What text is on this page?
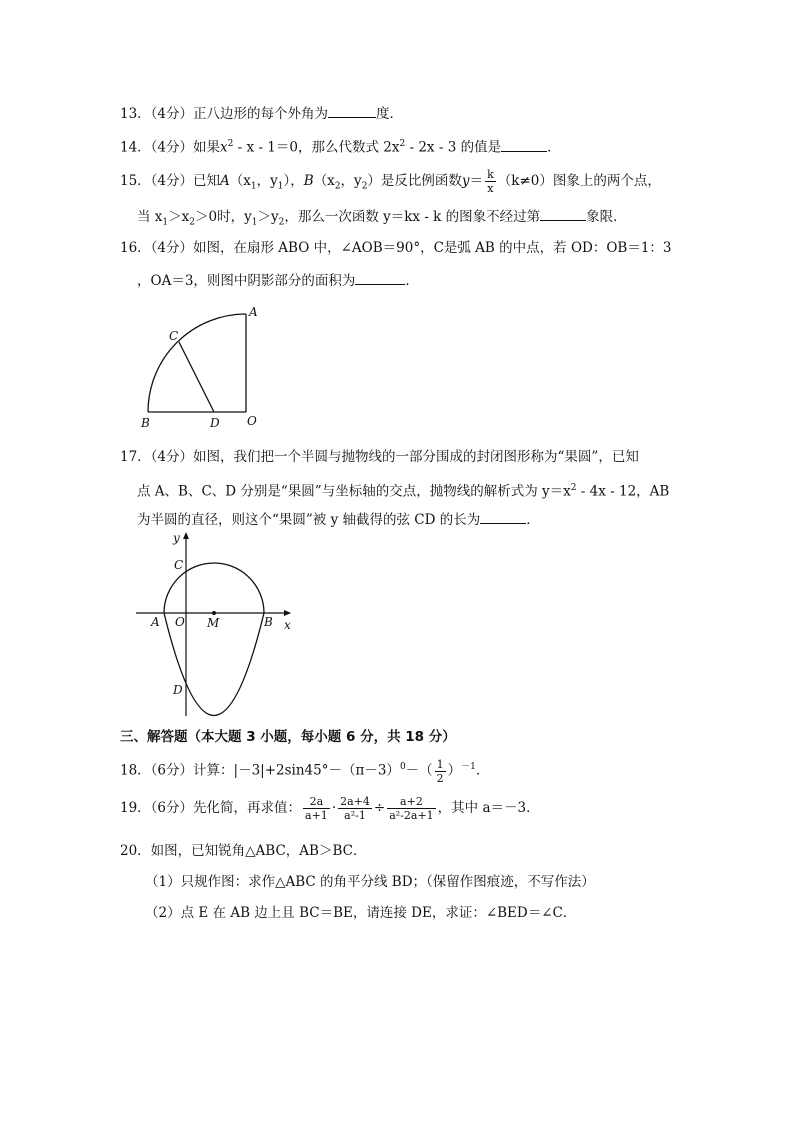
13．（4分）正八边形的每个外角为	度．
14．（4分）如果$x^2 - x - 1=0$，那么代数式 $2x^2 - 2x - 3$ 的值是	．
15．（4分）已知$A(x_1$，$y_1$），$B(x_2$，$y_2$）是反比例函数$y= \frac{k}{x} (k\ne 0)$图象上的两个点，
当 $x_1>x_2>0$时，$y_1>y_2$，那么一次函数 y＝kx - k 的图象不经过第	象限．
16．（4分）如图，在扇形 ABO 中，∠AOB＝90°，C是弧 AB 的中点，若 OD：OB＝1：3
，OA＝3，则图中阴影部分的面积为	．
A
C
B	D O
17．（4分）如图，我们把一个半圆与抛物线的一部分围成的封闭图形称为“果圆”，已知
点 A、B、C、D 分别是“果圆”与坐标轴的交点，抛物线的解析式为 $y=x^2 - 4x - 12$，AB
为半圆的直径，则这个“果圆”被 y 轴截得的弦 CD 的长为	．
y
x
C
A O M	B
D
三、解答题（本大题 3 小题，每小题 6 分，共 18 分）
18．（6分）计算：$|-3|+2\sin 45^\circ-(\pi-3)^0-( \frac{1}{2} )^{-1}$．
19．（6分）先化简，再求值： $\frac{2a}{a+1} \cdot \frac{2a+4}{\text{a²-1}} \div \frac{a+2}{\text{a²-2a+1}}$ ，其中 a＝－3．
20．如图，已知锐角△ABC，AB＞BC．
（1）只规作图：求作△ABC 的角平分线 BD；（保留作图痕迹，不写作法）
（2）点 E 在 AB 边上且 BC＝BE，请连接 DE，求证：∠BED＝∠C．
